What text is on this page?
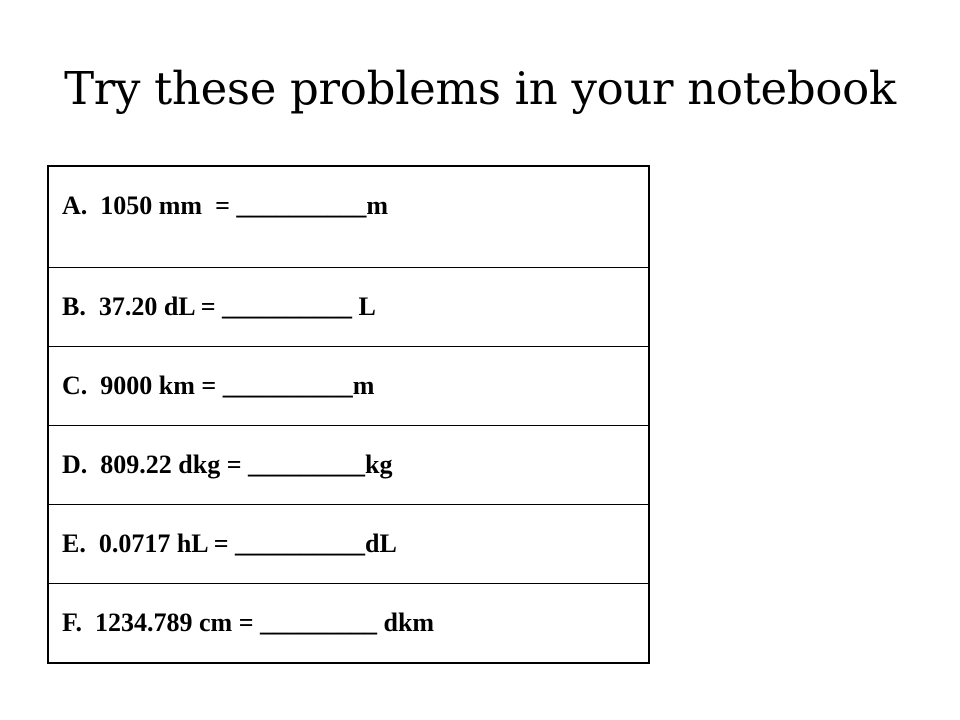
Try these problems in your notebook
A.  1050 mm  = __________m
B.  37.20 dL = __________ L
C.  9000 km = __________m
D.  809.22 dkg = _________kg
E.  0.0717 hL = __________dL
F.  1234.789 cm = _________ dkm
